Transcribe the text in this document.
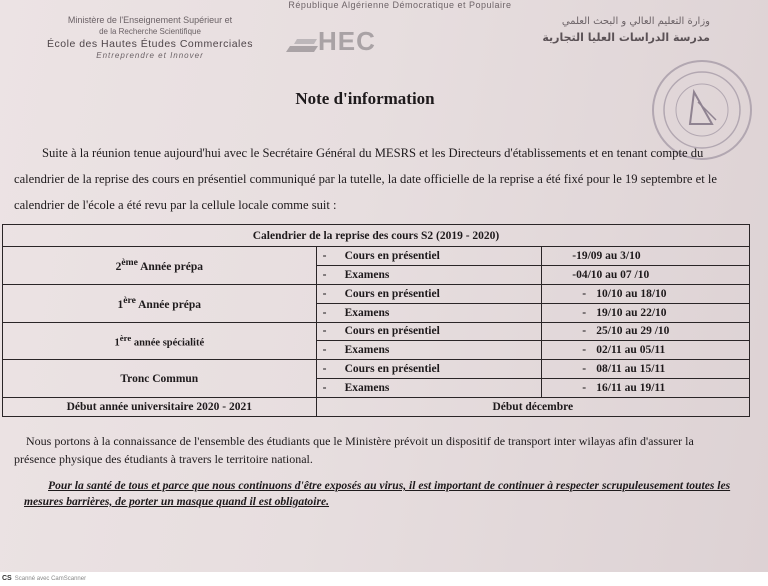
République Algérienne Démocratique et Populaire
Ministère de l'Enseignement Supérieur et
de la Recherche Scientifique
École des Hautes Études Commerciales
Entreprendre et Innover	HEC
وزارة التعليم العالي و البحث العلمي
مدرسة الدراسات العليا التجارية
Note d'information

Suite à la réunion tenue aujourd'hui avec le Secrétaire Général du MESRS et les Directeurs d'établissements et en tenant compte du calendrier de la reprise des cours en présentiel communiqué par la tutelle, la date officielle de la reprise a été fixé pour le 19 septembre et le calendrier de l'école a été revu par la cellule locale comme suit :

Calendrier de la reprise des cours S2 (2019 - 2020)		
2ème Année prépa	- Cours en présentiel	-19/09 au 3/10
	- Examens	-04/10 au 07 /10
1ère Année prépa	- Cours en présentiel	- 10/10 au 18/10
	- Examens	- 19/10 au 22/10
1ère année spécialité	- Cours en présentiel	- 25/10 au 29 /10
	- Examens	- 02/11 au 05/11
Tronc Commun	- Cours en présentiel	- 08/11 au 15/11
	- Examens	- 16/11 au 19/11
Début année universitaire 2020 - 2021	Début décembre	

Nous portons à la connaissance de l'ensemble des étudiants que le Ministère prévoit un dispositif de transport inter wilayas afin d'assurer la présence physique des étudiants à travers le territoire national.

Pour la santé de tous et parce que nous continuons d'être exposés au virus, il est important de continuer à respecter scrupuleusement toutes les mesures barrières, de porter un masque quand il est obligatoire.

CS Scanné avec CamScanner
